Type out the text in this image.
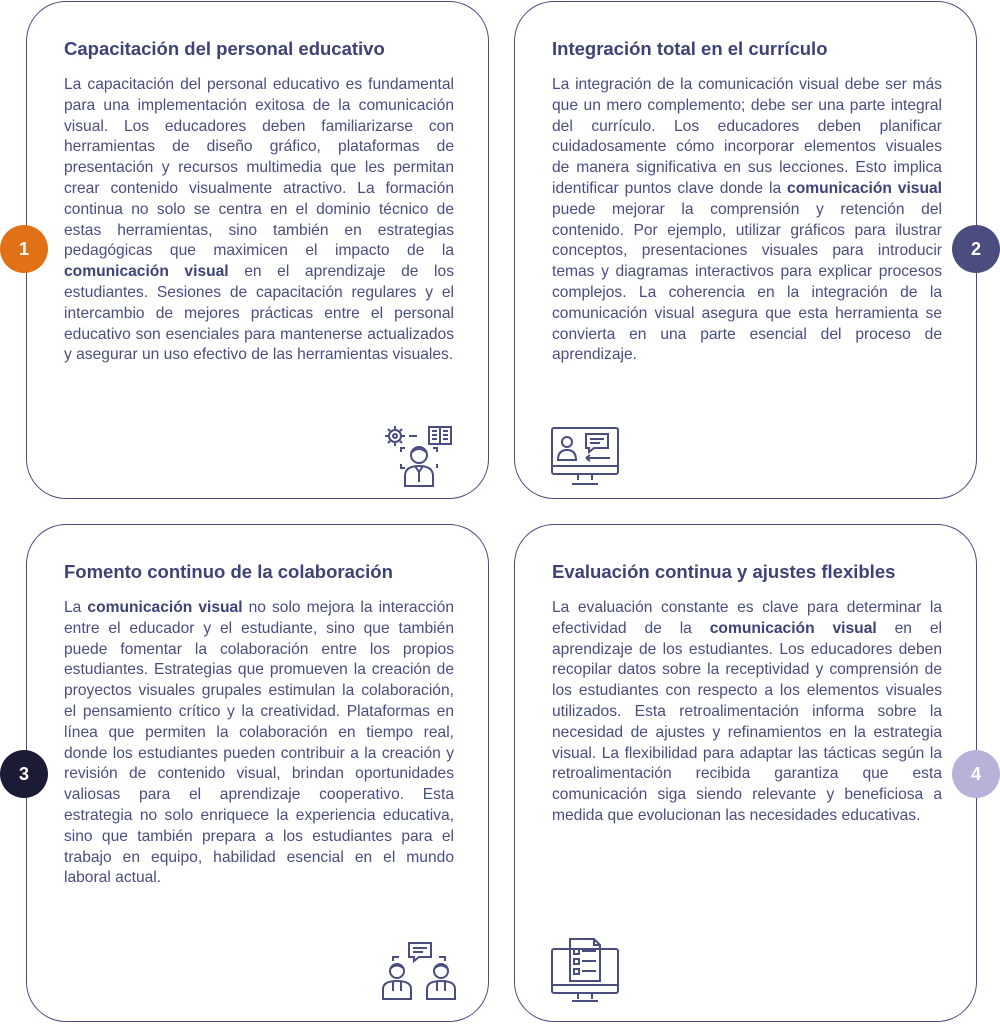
Capacitación del personal educativo

La capacitación del personal educativo es fundamental para una implementación exitosa de la comunicación visual. Los educadores deben familiarizarse con herramientas de diseño gráfico, plataformas de presentación y recursos multimedia que les permitan crear contenido visualmente atractivo. La formación continua no solo se centra en el dominio técnico de estas herramientas, sino también en estrategias pedagógicas que maximicen el impacto de la comunicación visual en el aprendizaje de los estudiantes. Sesiones de capacitación regulares y el intercambio de mejores prácticas entre el personal educativo son esenciales para mantenerse actualizados y asegurar un uso efectivo de las herramientas visuales.

1
Integración total en el currículo

La integración de la comunicación visual debe ser más que un mero complemento; debe ser una parte integral del currículo. Los educadores deben planificar cuidadosamente cómo incorporar elementos visuales de manera significativa en sus lecciones. Esto implica identificar puntos clave donde la comunicación visual puede mejorar la comprensión y retención del contenido. Por ejemplo, utilizar gráficos para ilustrar conceptos, presentaciones visuales para introducir temas y diagramas interactivos para explicar procesos complejos. La coherencia en la integración de la comunicación visual asegura que esta herramienta se convierta en una parte esencial del proceso de aprendizaje.

2
Fomento continuo de la colaboración

La comunicación visual no solo mejora la interacción entre el educador y el estudiante, sino que también puede fomentar la colaboración entre los propios estudiantes. Estrategias que promueven la creación de proyectos visuales grupales estimulan la colaboración, el pensamiento crítico y la creatividad. Plataformas en línea que permiten la colaboración en tiempo real, donde los estudiantes pueden contribuir a la creación y revisión de contenido visual, brindan oportunidades valiosas para el aprendizaje cooperativo. Esta estrategia no solo enriquece la experiencia educativa, sino que también prepara a los estudiantes para el trabajo en equipo, habilidad esencial en el mundo laboral actual.

3
Evaluación continua y ajustes flexibles

La evaluación constante es clave para determinar la efectividad de la comunicación visual en el aprendizaje de los estudiantes. Los educadores deben recopilar datos sobre la receptividad y comprensión de los estudiantes con respecto a los elementos visuales utilizados. Esta retroalimentación informa sobre la necesidad de ajustes y refinamientos en la estrategia visual. La flexibilidad para adaptar las tácticas según la retroalimentación recibida garantiza que esta comunicación siga siendo relevante y beneficiosa a medida que evolucionan las necesidades educativas.

4
